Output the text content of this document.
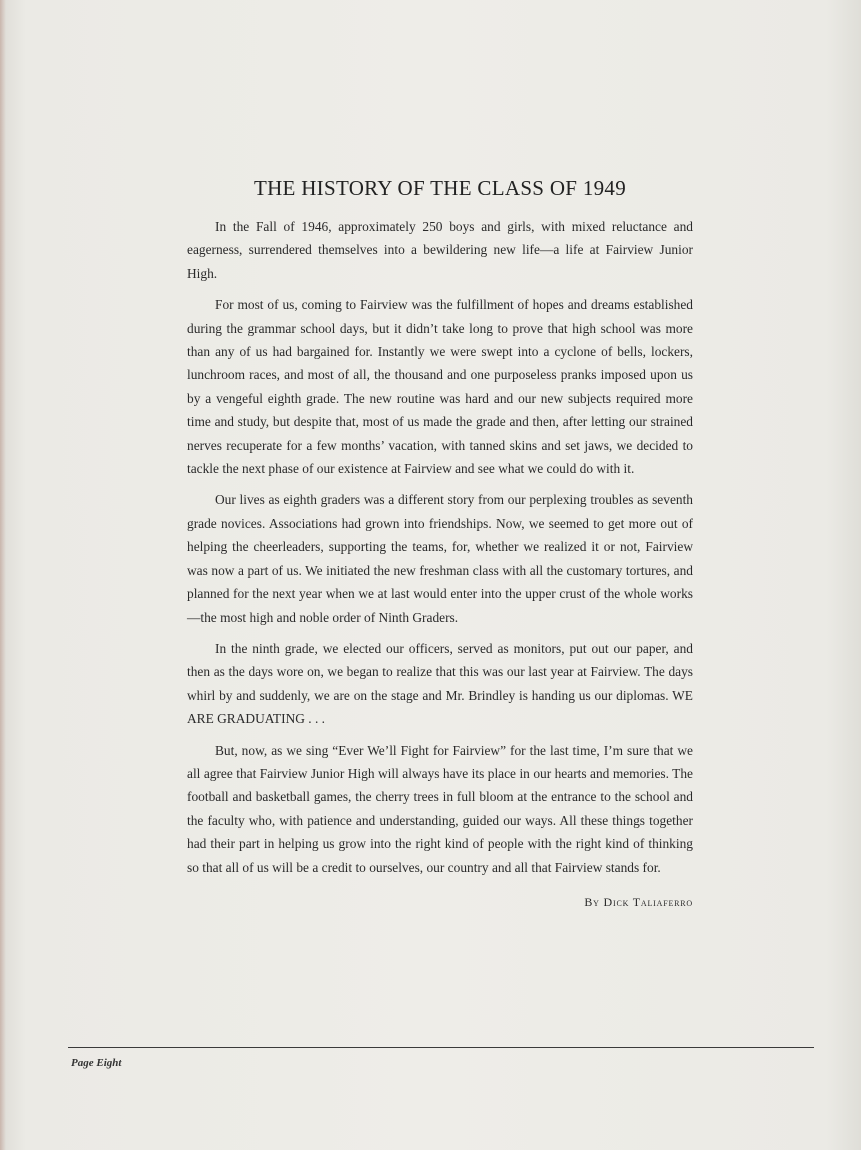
THE HISTORY OF THE CLASS OF 1949

In the Fall of 1946, approximately 250 boys and girls, with mixed reluctance and eagerness, surrendered themselves into a bewildering new life—a life at Fairview Junior High.

For most of us, coming to Fairview was the fulfillment of hopes and dreams established during the grammar school days, but it didn’t take long to prove that high school was more than any of us had bargained for. Instantly we were swept into a cyclone of bells, lockers, lunchroom races, and most of all, the thousand and one purposeless pranks imposed upon us by a vengeful eighth grade. The new routine was hard and our new subjects required more time and study, but despite that, most of us made the grade and then, after letting our strained nerves recuperate for a few months’ vacation, with tanned skins and set jaws, we decided to tackle the next phase of our existence at Fairview and see what we could do with it.

Our lives as eighth graders was a different story from our perplexing troubles as seventh grade novices. Associations had grown into friendships. Now, we seemed to get more out of helping the cheerleaders, supporting the teams, for, whether we realized it or not, Fairview was now a part of us. We initiated the new freshman class with all the customary tortures, and planned for the next year when we at last would enter into the upper crust of the whole works—the most high and noble order of Ninth Graders.

In the ninth grade, we elected our officers, served as monitors, put out our paper, and then as the days wore on, we began to realize that this was our last year at Fairview. The days whirl by and suddenly, we are on the stage and Mr. Brindley is handing us our diplomas. WE ARE GRADUATING . . .

But, now, as we sing “Ever We’ll Fight for Fairview” for the last time, I’m sure that we all agree that Fairview Junior High will always have its place in our hearts and memories. The football and basketball games, the cherry trees in full bloom at the entrance to the school and the faculty who, with patience and understanding, guided our ways. All these things together had their part in helping us grow into the right kind of people with the right kind of thinking so that all of us will be a credit to ourselves, our country and all that Fairview stands for.

By Dick Taliaferro
Page Eight
